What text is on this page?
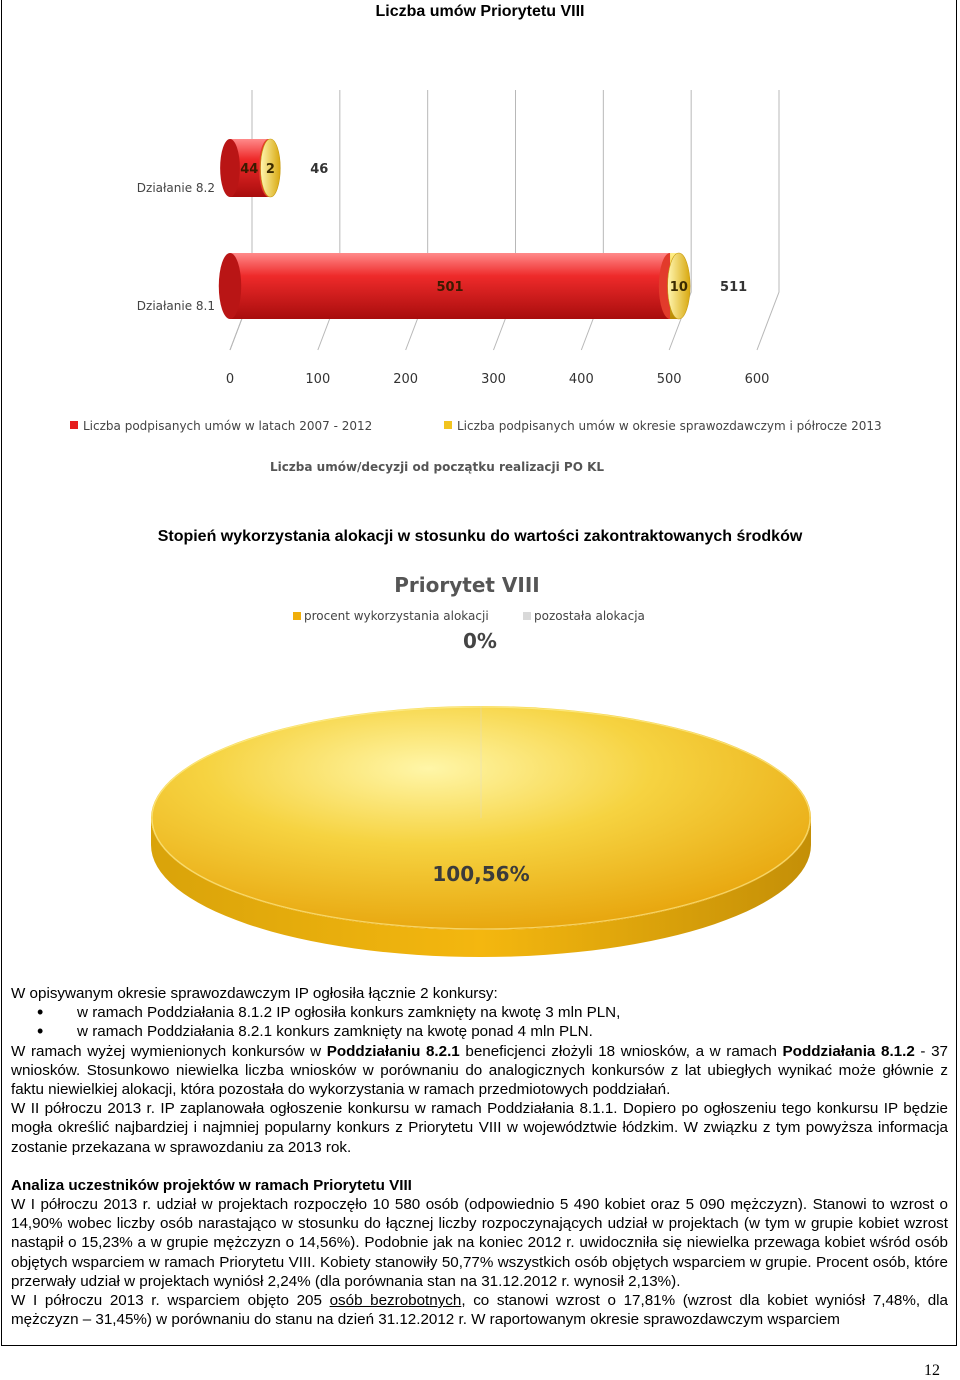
Liczba umów Priorytetu VIII
0	100	200	300	400	500	600
Działanie 8.2
44 2	46
Działanie 8.1
501	10 511
Liczba podpisanych umów w latach 2007 - 2012	Liczba podpisanych umów w okresie sprawozdawczym i półrocze 2013
Liczba umów/decyzji od początku realizacji PO KL
Stopień wykorzystania alokacji w stosunku do wartości zakontraktowanych środków
Priorytet VIII
procent wykorzystania alokacji	pozostała alokacja
0%
100,56%

W opisywanym okresie sprawozdawczym IP ogłosiła łącznie 2 konkursy:

• w ramach Poddziałania 8.1.2 IP ogłosiła konkurs zamknięty na kwotę 3 mln PLN,
• w ramach Poddziałania 8.2.1 konkurs zamknięty na kwotę ponad 4 mln PLN.

W ramach wyżej wymienionych konkursów w Poddziałaniu 8.2.1 beneficjenci złożyli 18 wniosków, a w ramach Poddziałania 8.1.2 - 37 wniosków. Stosunkowo niewielka liczba wniosków w porównaniu do analogicznych konkursów z lat ubiegłych wynikać może głównie z faktu niewielkiej alokacji, która pozostała do wykorzystania w ramach przedmiotowych poddziałań.

W II półroczu 2013 r. IP zaplanowała ogłoszenie konkursu w ramach Poddziałania 8.1.1. Dopiero po ogłoszeniu tego konkursu IP będzie mogła określić najbardziej i najmniej popularny konkurs z Priorytetu VIII w województwie łódzkim. W związku z tym powyższa informacja zostanie przekazana w sprawozdaniu za 2013 rok.

Analiza uczestników projektów w ramach Priorytetu VIII

W I półroczu 2013 r. udział w projektach rozpoczęło 10 580 osób (odpowiednio 5 490 kobiet oraz 5 090 mężczyzn). Stanowi to wzrost o 14,90% wobec liczby osób narastająco w stosunku do łącznej liczby rozpoczynających udział w projektach (w tym w grupie kobiet wzrost nastąpił o 15,23% a w grupie mężczyzn o 14,56%). Podobnie jak na koniec 2012 r. uwidoczniła się niewielka przewaga kobiet wśród osób objętych wsparciem w ramach Priorytetu VIII. Kobiety stanowiły 50,77% wszystkich osób objętych wsparciem w grupie. Procent osób, które przerwały udział w projektach wyniósł 2,24% (dla porównania stan na 31.12.2012 r. wynosił 2,13%).

W I półroczu 2013 r. wsparciem objęto 205 osób bezrobotnych, co stanowi wzrost o 17,81% (wzrost dla kobiet wyniósł 7,48%, dla mężczyzn – 31,45%) w porównaniu do stanu na dzień 31.12.2012 r. W raportowanym okresie sprawozdawczym wsparciem

12
